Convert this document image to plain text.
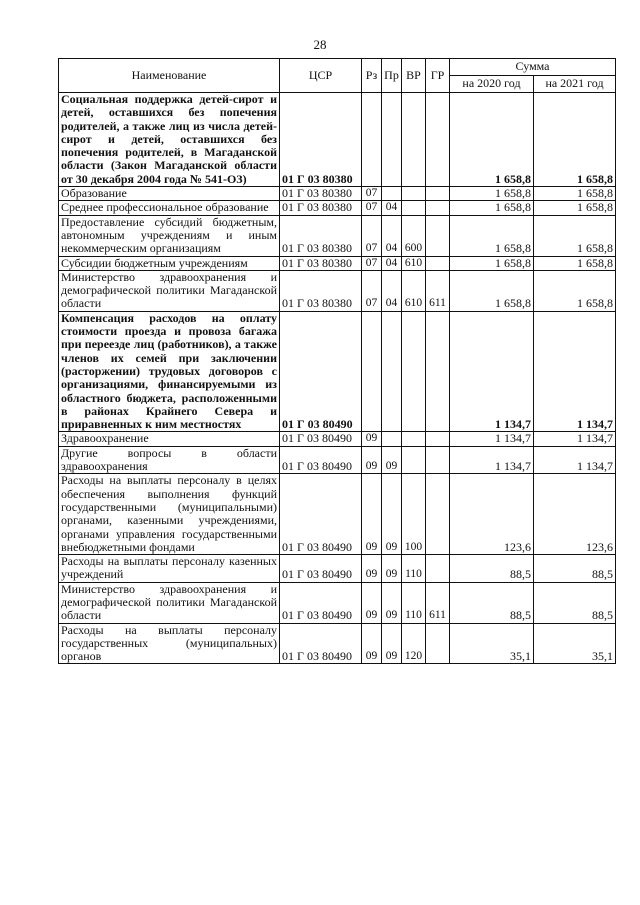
28
Наименование	ЦСР	Рз	Пр	ВР	ГР	Сумма	
						на 2020 год	на 2021 год
Социальная поддержка детей-сирот и детей, оставшихся без попечения родителей, а также лиц из числа детей-сирот и детей, оставшихся без попечения родителей, в Магаданской области (Закон Магаданской области от 30 декабря 2004 года № 541-ОЗ)	01 Г 03 80380					1 658,8	1 658,8
Образование	01 Г 03 80380	07				1 658,8	1 658,8
Среднее профессиональное образование	01 Г 03 80380	07	04			1 658,8	1 658,8
Предоставление субсидий бюджетным, автономным учреждениям и иным некоммерческим организациям	01 Г 03 80380	07	04	600		1 658,8	1 658,8
Субсидии бюджетным учреждениям	01 Г 03 80380	07	04	610		1 658,8	1 658,8
Министерство здравоохранения и демографической политики Магаданской области	01 Г 03 80380	07	04	610	611	1 658,8	1 658,8
Компенсация расходов на оплату стоимости проезда и провоза багажа при переезде лиц (работников), а также членов их семей при заключении (расторжении) трудовых договоров с организациями, финансируемыми из областного бюджета, расположенными в районах Крайнего Севера и приравненных к ним местностях	01 Г 03 80490					1 134,7	1 134,7
Здравоохранение	01 Г 03 80490	09				1 134,7	1 134,7
Другие вопросы в области здравоохранения	01 Г 03 80490	09	09			1 134,7	1 134,7
Расходы на выплаты персоналу в целях обеспечения выполнения функций государственными (муниципальными) органами, казенными учреждениями, органами управления государственными внебюджетными фондами	01 Г 03 80490	09	09	100		123,6	123,6
Расходы на выплаты персоналу казенных учреждений	01 Г 03 80490	09	09	110		88,5	88,5
Министерство здравоохранения и демографической политики Магаданской области	01 Г 03 80490	09	09	110	611	88,5	88,5
Расходы на выплаты персоналу государственных (муниципальных) органов	01 Г 03 80490	09	09	120		35,1	35,1
